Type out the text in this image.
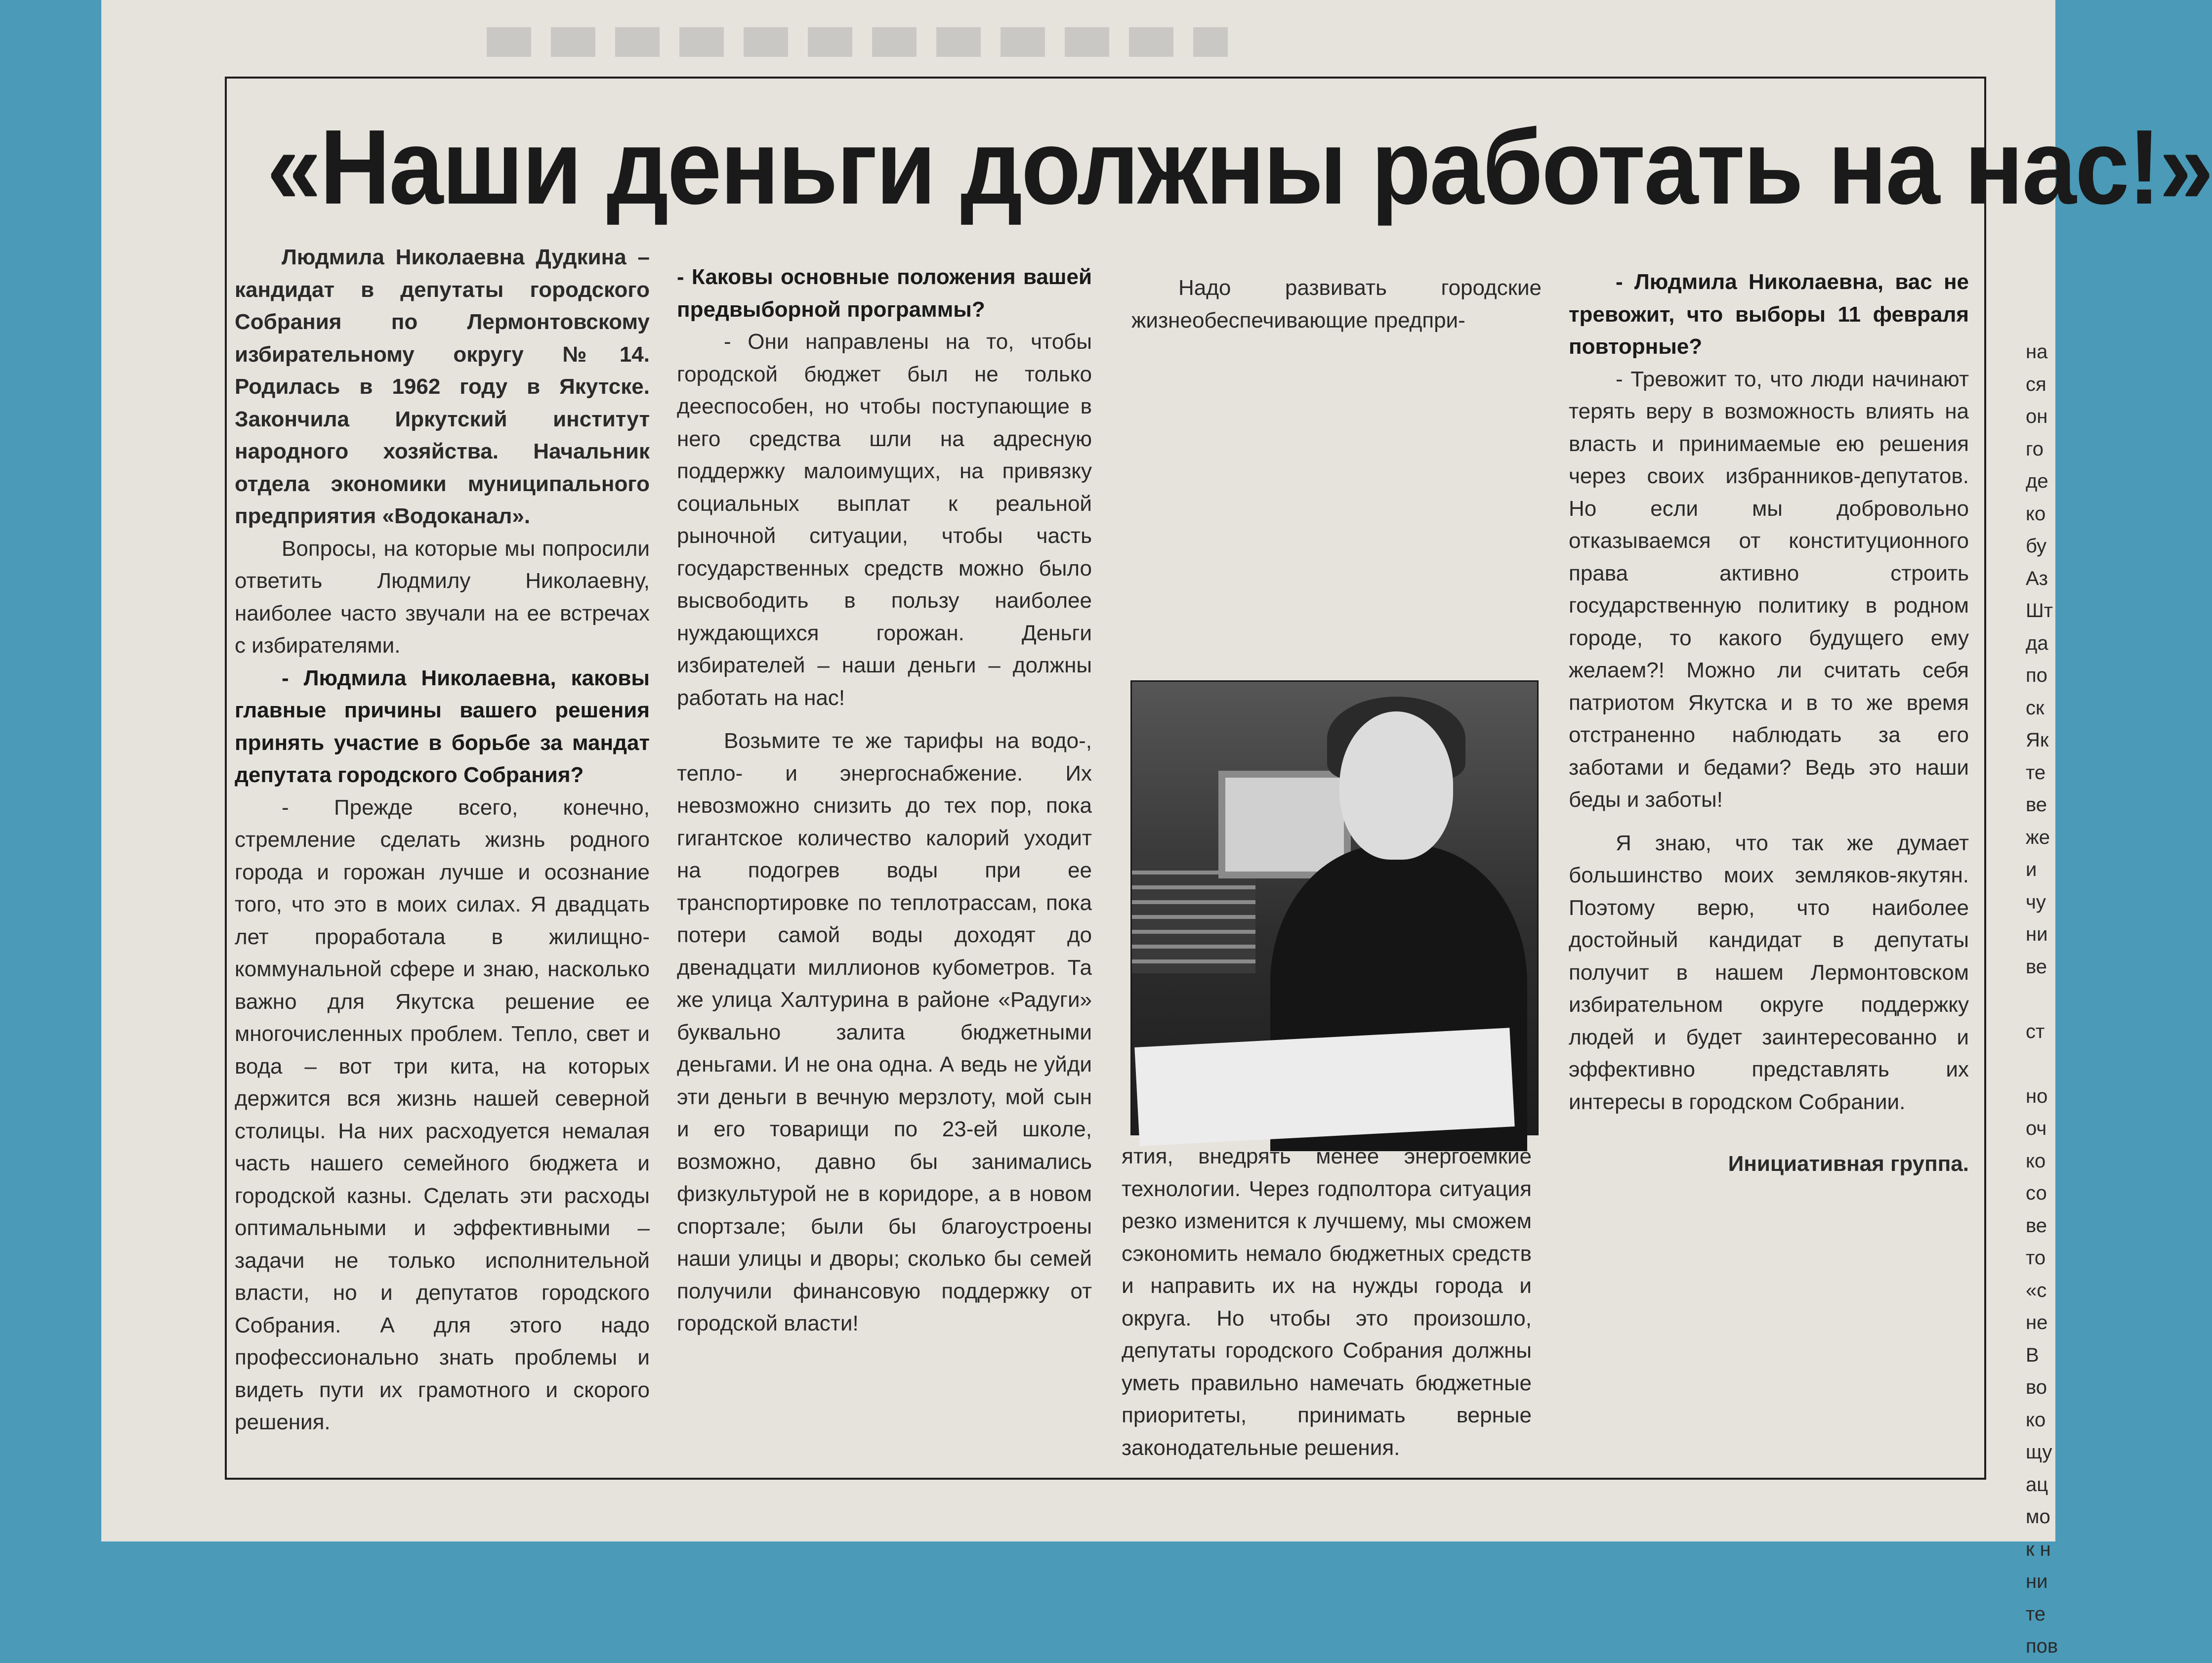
«Наши деньги должны работать на нас!»

Людмила Николаевна Дудкина – кандидат в депутаты городского Собрания по Лермонтовскому избирательному округу №14. Родилась в 1962 году в Якутске. Закончила Иркутский институт народного хозяйства. Начальник отдела экономики муниципального предприятия «Водоканал».

Вопросы, на которые мы попросили ответить Людмилу Николаевну, наиболее часто звучали на ее встречах с избирателями.

- Людмила Николаевна, каковы главные причины вашего решения принять участие в борьбе за мандат депутата городского Собрания?

- Прежде всего, конечно, стремление сделать жизнь родного города и горожан лучше и осознание того, что это в моих силах. Я двадцать лет проработала в жилищно-коммунальной сфере и знаю, насколько важно для Якутска решение ее многочисленных проблем. Тепло, свет и вода – вот три кита, на которых держится вся жизнь нашей северной столицы. На них расходуется немалая часть нашего семейного бюджета и городской казны. Сделать эти расходы оптимальными и эффективными – задачи не только исполнительной власти, но и депутатов городского Собрания. А для этого надо профессионально знать проблемы и видеть пути их грамотного и скорого решения.

- Каковы основные положения вашей предвыборной программы?

- Они направлены на то, чтобы городской бюджет был не только дееспособен, но чтобы поступающие в него средства шли на адресную поддержку малоимущих, на привязку социальных выплат к реальной рыночной ситуации, чтобы часть государственных средств можно было высвободить в пользу наиболее нуждающихся горожан. Деньги избирателей – наши деньги – должны работать на нас!

Возьмите те же тарифы на водо-, тепло- и энергоснабжение. Их невозможно снизить до тех пор, пока гигантское количество калорий уходит на подогрев воды при ее транспортировке по теплотрассам, пока потери самой воды доходят до двенадцати миллионов кубометров. Та же улица Халтурина в районе «Радуги» буквально залита бюджетными деньгами. И не она одна. А ведь не уйди эти деньги в вечную мерзлоту, мой сын и его товарищи по 23-ей школе, возможно, давно бы занимались физкультурой не в коридоре, а в новом спортзале; были бы благоустроены наши улицы и дворы; сколько бы семей получили финансовую поддержку от городской власти!

Надо развивать городские жизнеобеспечивающие предпри-

ятия, внедрять менее энергоемкие технологии. Через годполтора ситуация резко изменится к лучшему, мы сможем сэкономить немало бюджетных средств и направить их на нужды города и округа. Но чтобы это произошло, депутаты городского Собрания должны уметь правильно намечать бюджетные приоритеты, принимать верные законодательные решения.

- Людмила Николаевна, вас не тревожит, что выборы 11 февраля повторные?

- Тревожит то, что люди начинают терять веру в возможность влиять на власть и принимаемые ею решения через своих избранников-депутатов. Но если мы добровольно отказываемся от конституционного права активно строить государственную политику в родном городе, то какого будущего ему желаем?! Можно ли считать себя патриотом Якутска и в то же время отстраненно наблюдать за его заботами и бедами? Ведь это наши беды и заботы!

Я знаю, что так же думает большинство моих земляков-якутян. Поэтому верю, что наиболее достойный кандидат в депутаты получит в нашем Лермонтовском избирательном округе поддержку людей и будет заинтересованно и эффективно представлять их интересы в городском Собрании.

Инициативная группа.

на
ся
он
го
де
ко
бу
Аз
Шт
да
по
ск
Як
те
ве
же
и
чу
ни
ве

ст

но
оч
ко
со
ве
то
«с
не
В
во
ко
щу
ац
мо
к н
ни
те
пов
